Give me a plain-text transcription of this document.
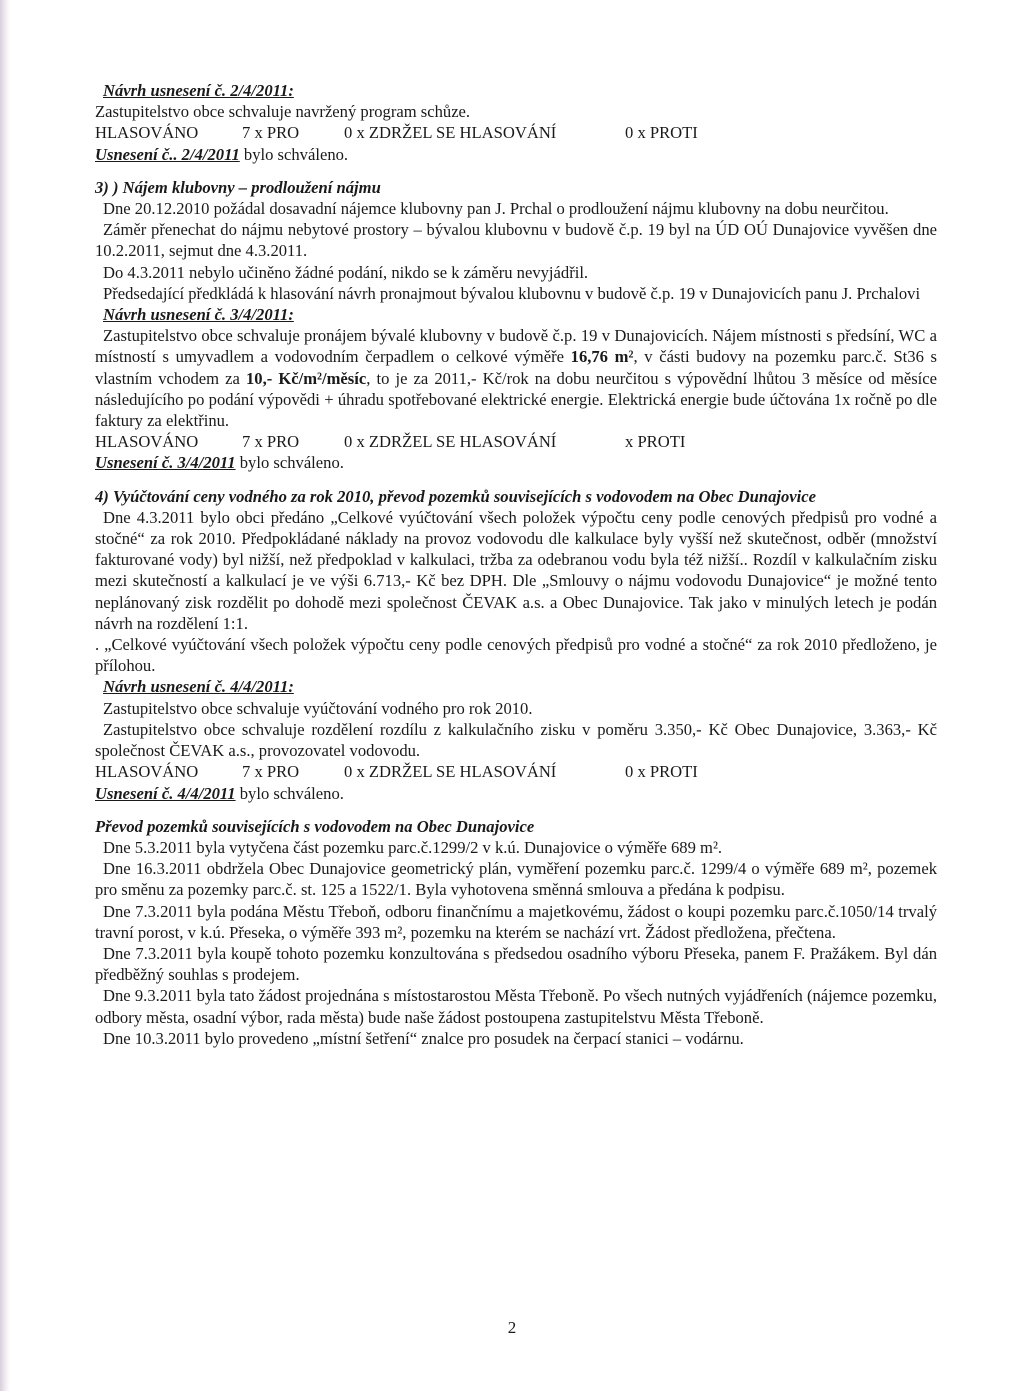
Návrh usnesení č. 2/4/2011:

Zastupitelstvo obce schvaluje navržený program schůze.

HLASOVÁNO	7 x PRO	0 x ZDRŽEL SE HLASOVÁNÍ	0 x PROTI

Usnesení č.. 2/4/2011 bylo schváleno.

3) ) Nájem klubovny – prodloužení nájmu

Dne 20.12.2010 požádal dosavadní nájemce klubovny pan J. Prchal o prodloužení nájmu klubovny na dobu neurčitou.

Záměr přenechat do nájmu nebytové prostory – bývalou klubovnu v budově č.p. 19 byl na ÚD OÚ Dunajovice vyvěšen dne 10.2.2011, sejmut dne 4.3.2011.

Do 4.3.2011 nebylo učiněno žádné podání, nikdo se k záměru nevyjádřil.

Předsedající předkládá k hlasování návrh pronajmout bývalou klubovnu v budově č.p. 19 v Dunajovicích panu J. Prchalovi

Návrh usnesení č. 3/4/2011:

Zastupitelstvo obce schvaluje pronájem bývalé klubovny v budově č.p. 19 v Dunajovicích. Nájem místnosti s předsíní, WC a místností s umyvadlem a vodovodním čerpadlem o celkové výměře 16,76 m², v části budovy na pozemku parc.č. St36 s vlastním vchodem za 10,- Kč/m²/měsíc, to je za 2011,- Kč/rok na dobu neurčitou s výpovědní lhůtou 3 měsíce od měsíce následujícího po podání výpovědi + úhradu spotřebované elektrické energie. Elektrická energie bude účtována 1x ročně po dle faktury za elektřinu.

HLASOVÁNO	7 x PRO	0 x ZDRŽEL SE HLASOVÁNÍ	x PROTI

Usnesení č. 3/4/2011 bylo schváleno.

4) Vyúčtování ceny vodného za rok 2010, převod pozemků souvisejících s vodovodem na Obec Dunajovice

Dne 4.3.2011 bylo obci předáno „Celkové vyúčtování všech položek výpočtu ceny podle cenových předpisů pro vodné a stočné“ za rok 2010. Předpokládané náklady na provoz vodovodu dle kalkulace byly vyšší než skutečnost, odběr (množství fakturované vody) byl nižší, než předpoklad v kalkulaci, tržba za odebranou vodu byla též nižší.. Rozdíl v kalkulačním zisku mezi skutečností a kalkulací je ve výši 6.713,- Kč bez DPH. Dle „Smlouvy o nájmu vodovodu Dunajovice“ je možné tento neplánovaný zisk rozdělit po dohodě mezi společnost ČEVAK a.s. a Obec Dunajovice. Tak jako v minulých letech je podán návrh na rozdělení 1:1.

. „Celkové vyúčtování všech položek výpočtu ceny podle cenových předpisů pro vodné a stočné“ za rok 2010 předloženo, je přílohou.

Návrh usnesení č. 4/4/2011:

Zastupitelstvo obce schvaluje vyúčtování vodného pro rok 2010.

Zastupitelstvo obce schvaluje rozdělení rozdílu z kalkulačního zisku v poměru 3.350,- Kč Obec Dunajovice, 3.363,- Kč společnost ČEVAK a.s., provozovatel vodovodu.

HLASOVÁNO	7 x PRO	0 x ZDRŽEL SE HLASOVÁNÍ	0 x PROTI

Usnesení č. 4/4/2011 bylo schváleno.

Převod pozemků souvisejících s vodovodem na Obec Dunajovice

Dne 5.3.2011 byla vytyčena část pozemku parc.č.1299/2 v k.ú. Dunajovice o výměře 689 m².

Dne 16.3.2011 obdržela Obec Dunajovice geometrický plán, vyměření pozemku parc.č. 1299/4 o výměře 689 m², pozemek pro směnu za pozemky parc.č. st. 125 a 1522/1. Byla vyhotovena směnná smlouva a předána k podpisu.

Dne 7.3.2011 byla podána Městu Třeboň, odboru finančnímu a majetkovému, žádost o koupi pozemku parc.č.1050/14 trvalý travní porost, v k.ú. Přeseka, o výměře 393 m², pozemku na kterém se nachází vrt. Žádost předložena, přečtena.

Dne 7.3.2011 byla koupě tohoto pozemku konzultována s předsedou osadního výboru Přeseka, panem F. Pražákem. Byl dán předběžný souhlas s prodejem.

Dne 9.3.2011 byla tato žádost projednána s místostarostou Města Třeboně. Po všech nutných vyjádřeních (nájemce pozemku, odbory města, osadní výbor, rada města) bude naše žádost postoupena zastupitelstvu Města Třeboně.

Dne 10.3.2011 bylo provedeno „místní šetření“ znalce pro posudek na čerpací stanici – vodárnu.

2
